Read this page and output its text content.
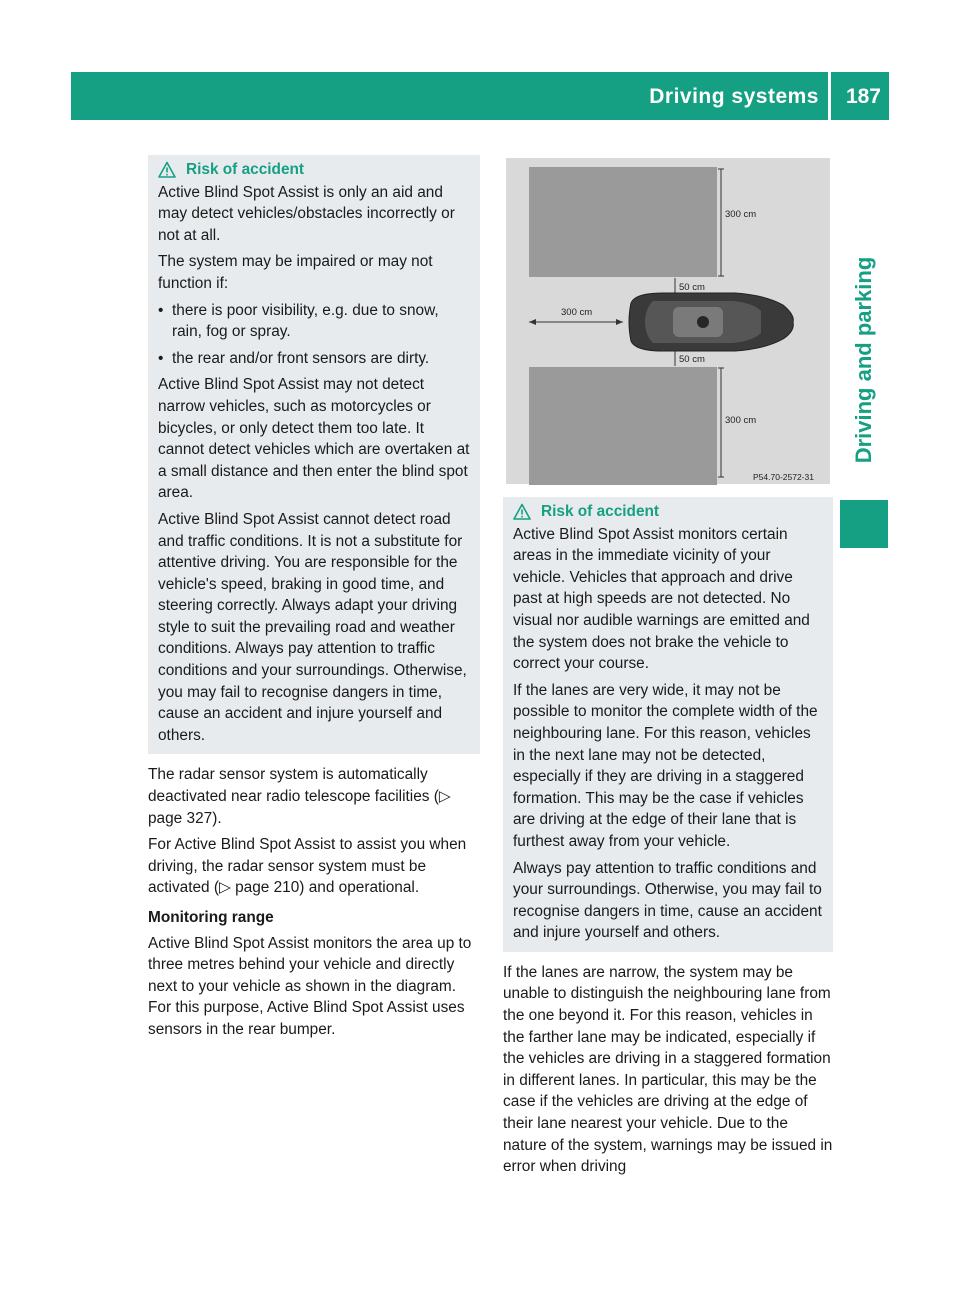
Driving systems 187
Driving and parking
Risk of accident

Active Blind Spot Assist is only an aid and may detect vehicles/obstacles incorrectly or not at all.

The system may be impaired or may not function if:

• there is poor visibility, e.g. due to snow, rain, fog or spray.
• the rear and/or front sensors are dirty.

Active Blind Spot Assist may not detect narrow vehicles, such as motorcycles or bicycles, or only detect them too late. It cannot detect vehicles which are overtaken at a small distance and then enter the blind spot area.

Active Blind Spot Assist cannot detect road and traffic conditions. It is not a substitute for attentive driving. You are responsible for the vehicle's speed, braking in good time, and steering correctly. Always adapt your driving style to suit the prevailing road and weather conditions. Always pay attention to traffic conditions and your surroundings. Otherwise, you may fail to recognise dangers in time, cause an accident and injure yourself and others.

The radar sensor system is automatically deactivated near radio telescope facilities (▷ page 327).

For Active Blind Spot Assist to assist you when driving, the radar sensor system must be activated (▷ page 210) and operational.

Monitoring range

Active Blind Spot Assist monitors the area up to three metres behind your vehicle and directly next to your vehicle as shown in the diagram. For this purpose, Active Blind Spot Assist uses sensors in the rear bumper.

300 cm
50 cm
300 cm
50 cm
300 cm
P54.70-2572-31
Risk of accident

Active Blind Spot Assist monitors certain areas in the immediate vicinity of your vehicle. Vehicles that approach and drive past at high speeds are not detected. No visual nor audible warnings are emitted and the system does not brake the vehicle to correct your course.

If the lanes are very wide, it may not be possible to monitor the complete width of the neighbouring lane. For this reason, vehicles in the next lane may not be detected, especially if they are driving in a staggered formation. This may be the case if vehicles are driving at the edge of their lane that is furthest away from your vehicle.

Always pay attention to traffic conditions and your surroundings. Otherwise, you may fail to recognise dangers in time, cause an accident and injure yourself and others.

If the lanes are narrow, the system may be unable to distinguish the neighbouring lane from the one beyond it. For this reason, vehicles in the farther lane may be indicated, especially if the vehicles are driving in a staggered formation in different lanes. In particular, this may be the case if the vehicles are driving at the edge of their lane nearest your vehicle. Due to the nature of the system, warnings may be issued in error when driving
